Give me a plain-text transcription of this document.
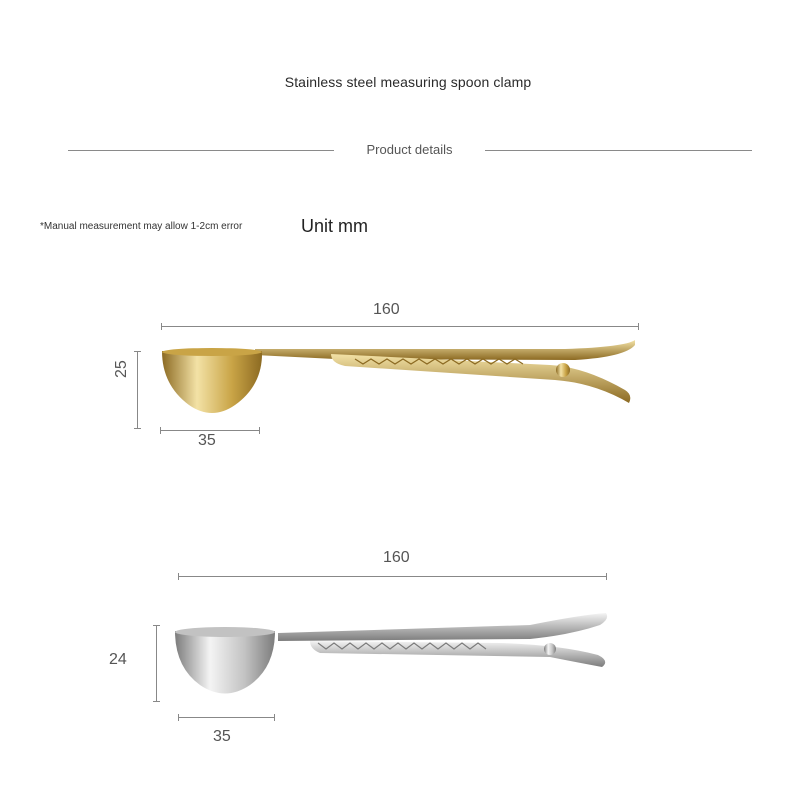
Stainless steel measuring spoon clamp
Product details
*Manual measurement may allow 1-2cm error	Unit mm
160
25
35
160
24
35
